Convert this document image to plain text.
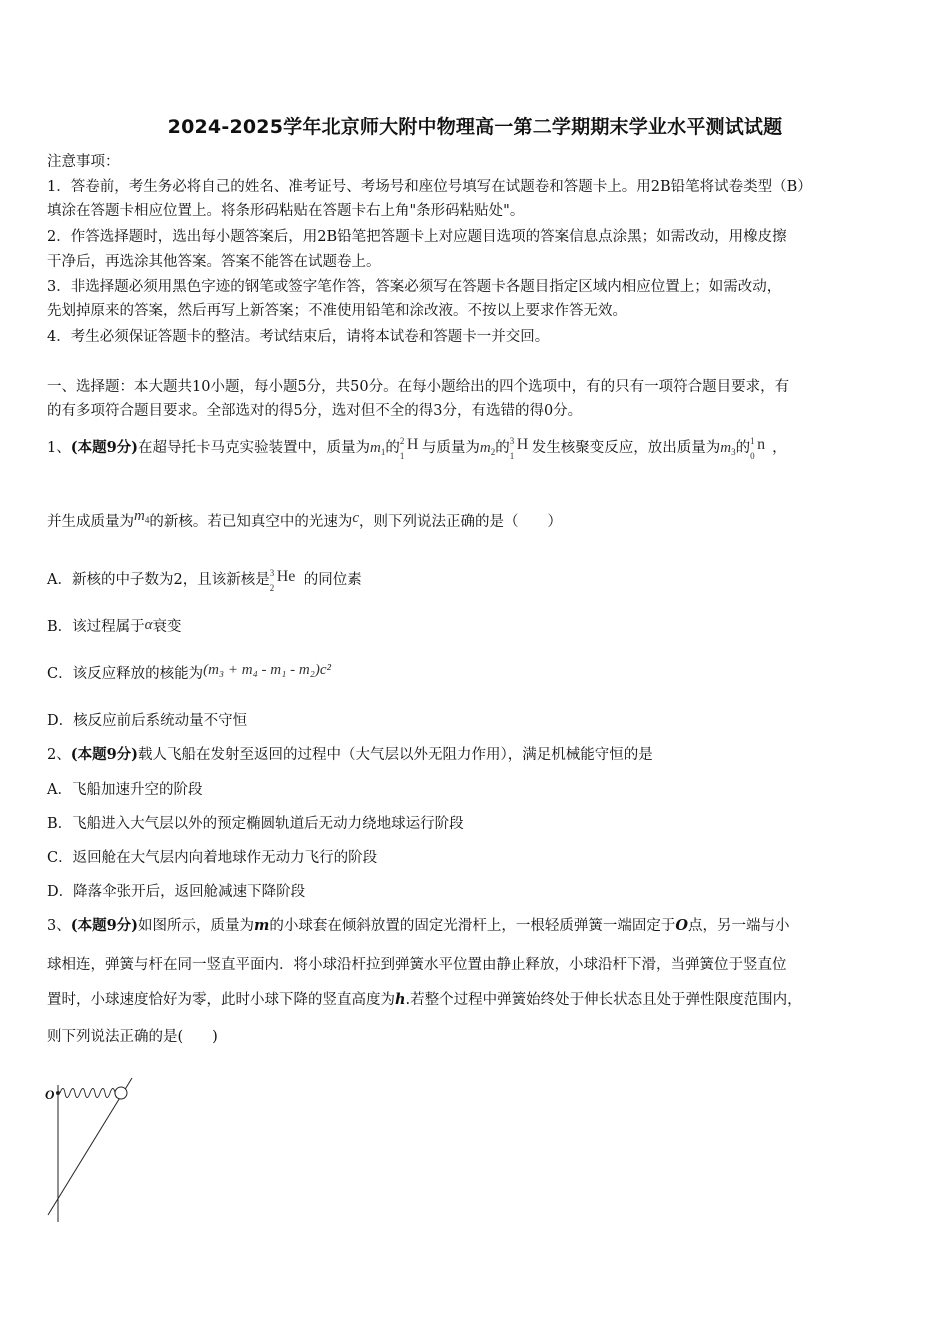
2024-2025学年北京师大附中物理高一第二学期期末学业水平测试试题
注意事项：
1．答卷前，考生务必将自己的姓名、准考证号、考场号和座位号填写在试题卷和答题卡上。用2B铅笔将试卷类型（B）
填涂在答题卡相应位置上。将条形码粘贴在答题卡右上角"条形码粘贴处"。
2．作答选择题时，选出每小题答案后，用2B铅笔把答题卡上对应题目选项的答案信息点涂黑；如需改动，用橡皮擦
干净后，再选涂其他答案。答案不能答在试题卷上。
3．非选择题必须用黑色字迹的钢笔或签字笔作答，答案必须写在答题卡各题目指定区域内相应位置上；如需改动，
先划掉原来的答案，然后再写上新答案；不准使用铅笔和涂改液。不按以上要求作答无效。
4．考生必须保证答题卡的整洁。考试结束后，请将本试卷和答题卡一并交回。
一、选择题：本大题共10小题，每小题5分，共50分。在每小题给出的四个选项中，有的只有一项符合题目要求，有
的有多项符合题目要求。全部选对的得5分，选对但不全的得3分，有选错的得0分。
1、(本题9分)在超导托卡马克实验装置中，质量为$m_1$的 2
1
H 与质量为$m_2$的 3
1
H 发生核聚变反应，放出质量为$m_3$的 1
0
n ，
并生成质量为$m_4$的新核。若已知真空中的光速为c，则下列说法正确的是（　　）
A．新核的中子数为2，且该新核是 3
2
He 的同位素
B．该过程属于α衰变
C．该反应释放的核能为(m₃ + m₄ - m₁ - m₂)c²
D．核反应前后系统动量不守恒
2、(本题9分)载人飞船在发射至返回的过程中（大气层以外无阻力作用），满足机械能守恒的是
A．飞船加速升空的阶段
B．飞船进入大气层以外的预定椭圆轨道后无动力绕地球运行阶段
C．返回舱在大气层内向着地球作无动力飞行的阶段
D．降落伞张开后，返回舱减速下降阶段
3、(本题9分)如图所示，质量为m的小球套在倾斜放置的固定光滑杆上，一根轻质弹簧一端固定于O点，另一端与小
球相连，弹簧与杆在同一竖直平面内．将小球沿杆拉到弹簧水平位置由静止释放，小球沿杆下滑，当弹簧位于竖直位
置时，小球速度恰好为零，此时小球下降的竖直高度为h.若整个过程中弹簧始终处于伸长状态且处于弹性限度范围内，
则下列说法正确的是(　　)
O
